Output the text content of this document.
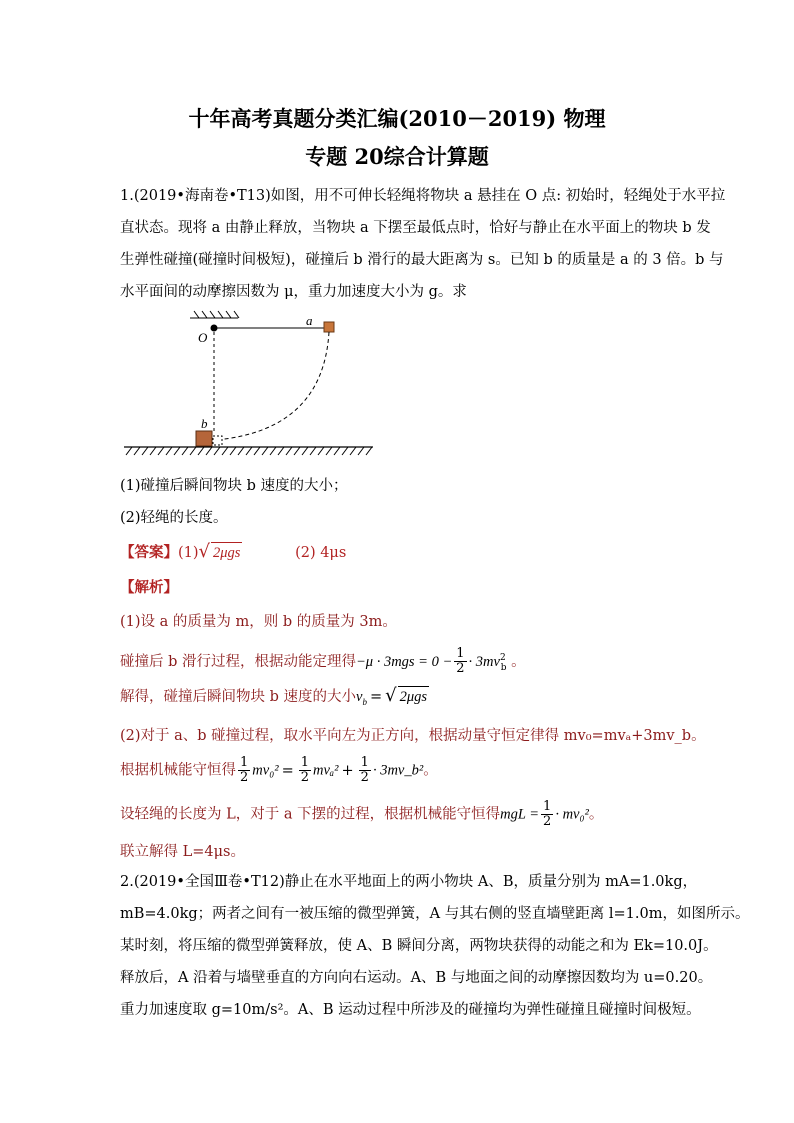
十年高考真题分类汇编(2010－2019) 物理
专题 20综合计算题
1.(2019•海南卷•T13)如图，用不可伸长轻绳将物块 a 悬挂在 O 点: 初始时，轻绳处于水平拉
直状态。现将 a 由静止释放，当物块 a 下摆至最低点时，恰好与静止在水平面上的物块 b 发
生弹性碰撞(碰撞时间极短)，碰撞后 b 滑行的最大距离为 s。已知 b 的质量是 a 的 3 倍。b 与
水平面间的动摩擦因数为 μ，重力加速度大小为 g。求
O
a
b
(1)碰撞后瞬间物块 b 速度的大小；
(2)轻绳的长度。
【答案】(1)√ 2μgs	(2) 4μs
【解析】
(1)设 a 的质量为 m，则 b 的质量为 3m。
碰撞后 b 滑行过程，根据动能定理得$-\mu \cdot 3mgs = 0 - \frac{1}{2} \cdot 3mv^2_b$ 。
解得，碰撞后瞬间物块 b 速度的大小$v_b$ = √ 2μgs
(2)对于 a、b 碰撞过程，取水平向左为正方向，根据动量守恒定律得 mv₀=mvₐ+3mv_b。
根据机械能守恒得 $\frac{1}{2} mv_0^2 = \frac{1}{2} mv_a^2 + \frac{1}{2}$ · 3mv_b²。
设轻绳的长度为 L，对于 a 下摆的过程，根据机械能守恒得mgL = $\frac{1}{2} \cdot mv_0^2$。
联立解得 L=4μs。
2.(2019•全国Ⅲ卷•T12)静止在水平地面上的两小物块 A、B，质量分别为 mA=1.0kg，
mB=4.0kg；两者之间有一被压缩的微型弹簧，A 与其右侧的竖直墙壁距离 l=1.0m，如图所示。
某时刻，将压缩的微型弹簧释放，使 A、B 瞬间分离，两物块获得的动能之和为 Ek=10.0J。
释放后，A 沿着与墙壁垂直的方向向右运动。A、B 与地面之间的动摩擦因数均为 u=0.20。
重力加速度取 g=10m/s²。A、B 运动过程中所涉及的碰撞均为弹性碰撞且碰撞时间极短。
